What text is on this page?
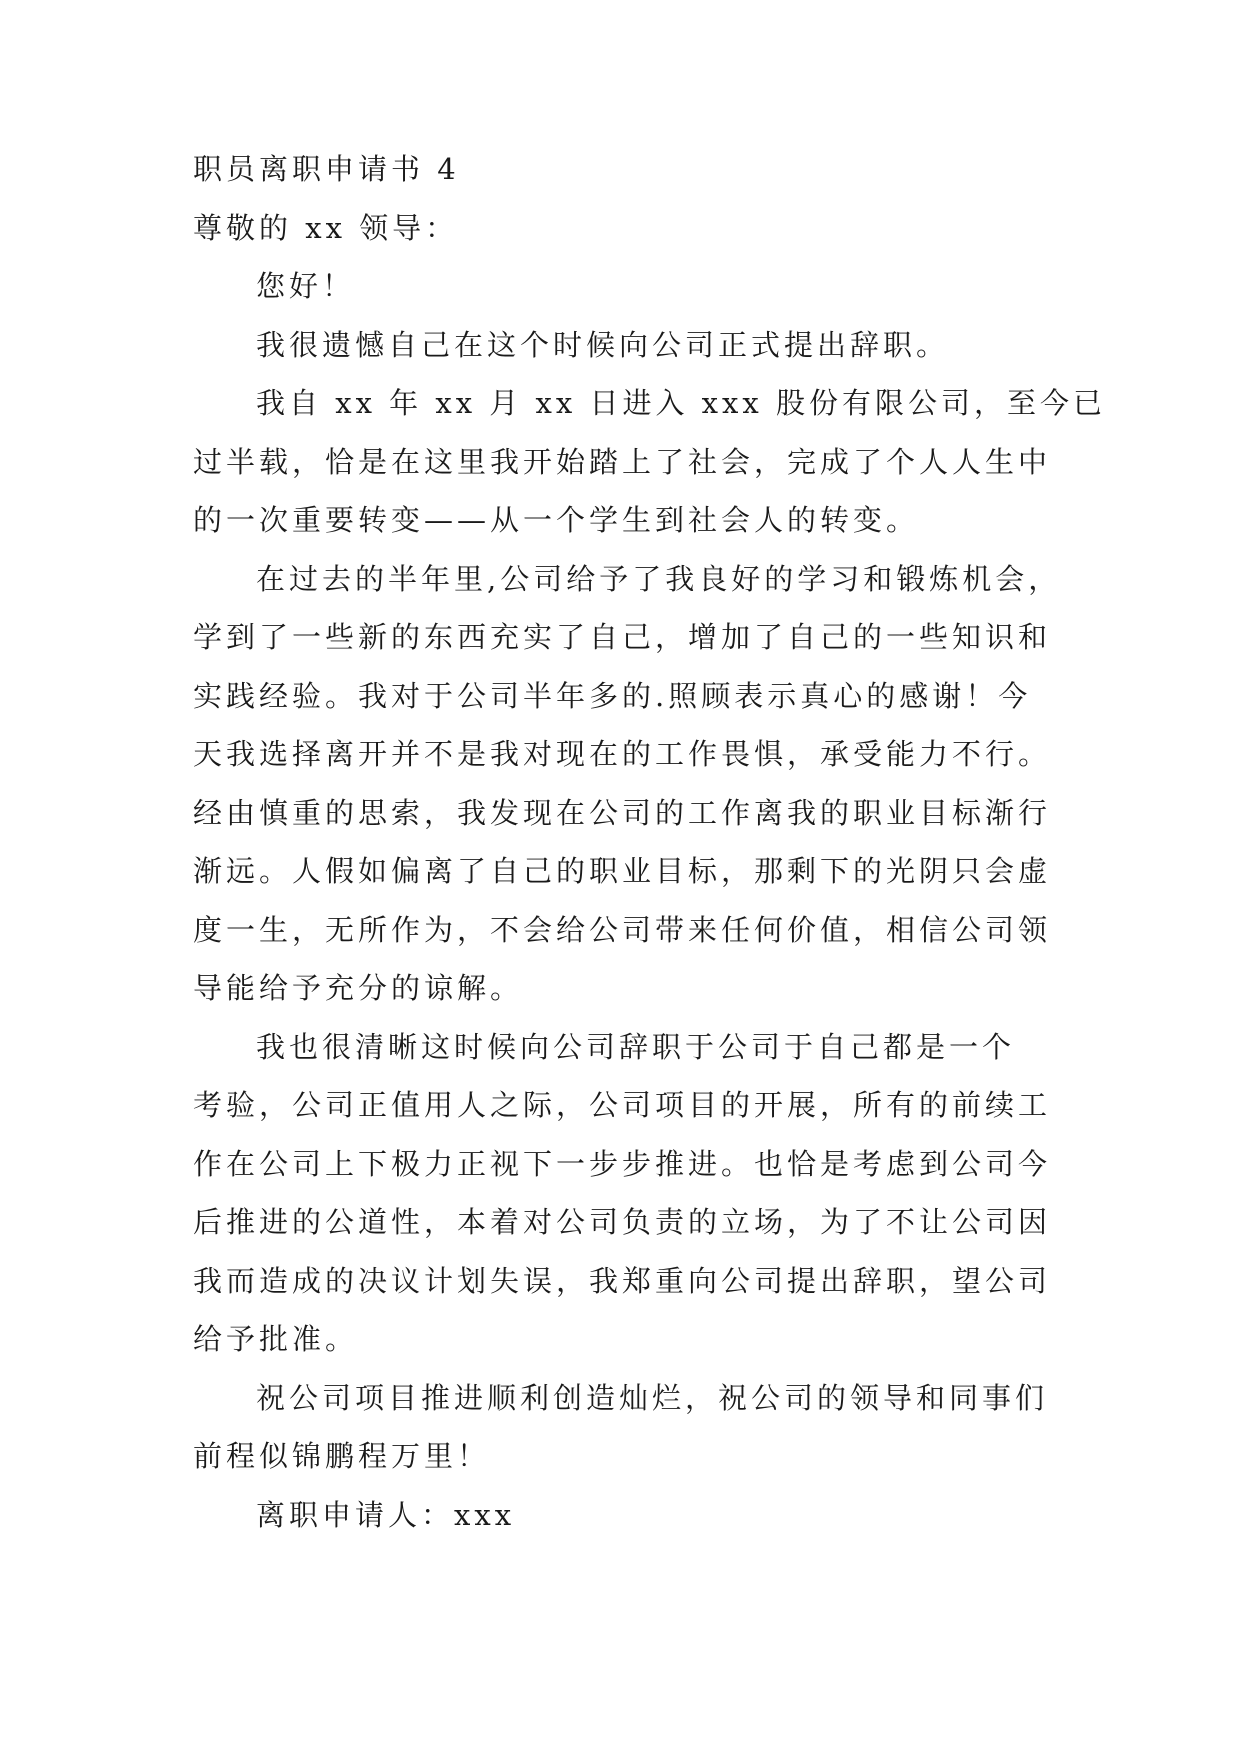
职员离职申请书 4

尊敬的 xx 领导：

您好！

我很遗憾自己在这个时候向公司正式提出辞职。

我自 xx 年 xx 月 xx 日进入 xxx 股份有限公司，至今已

过半载，恰是在这里我开始踏上了社会，完成了个人人生中

的一次重要转变——从一个学生到社会人的转变。

在过去的半年里,公司给予了我良好的学习和锻炼机会，

学到了一些新的东西充实了自己，增加了自己的一些知识和

实践经验。我对于公司半年多的.照顾表示真心的感谢！今

天我选择离开并不是我对现在的工作畏惧，承受能力不行。

经由慎重的思索，我发现在公司的工作离我的职业目标渐行

渐远。人假如偏离了自己的职业目标，那剩下的光阴只会虚

度一生，无所作为，不会给公司带来任何价值，相信公司领

导能给予充分的谅解。

我也很清晰这时候向公司辞职于公司于自己都是一个

考验，公司正值用人之际，公司项目的开展，所有的前续工

作在公司上下极力正视下一步步推进。也恰是考虑到公司今

后推进的公道性，本着对公司负责的立场，为了不让公司因

我而造成的决议计划失误，我郑重向公司提出辞职，望公司

给予批准。

祝公司项目推进顺利创造灿烂，祝公司的领导和同事们

前程似锦鹏程万里！

离职申请人：xxx
